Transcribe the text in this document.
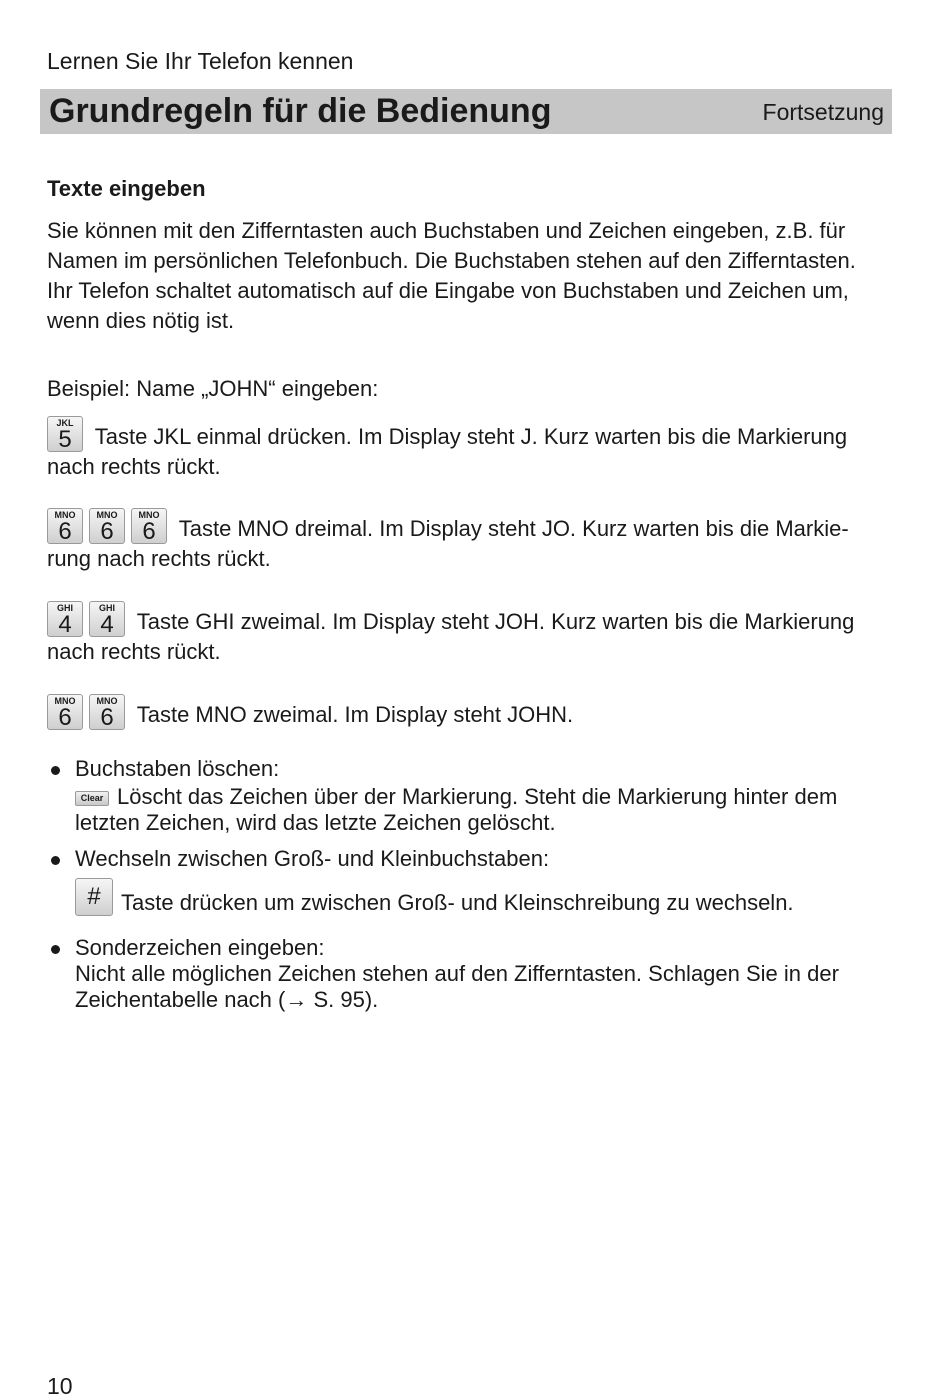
Lernen Sie Ihr Telefon kennen
Grundregeln für die Bedienung	Fortsetzung
Texte eingeben
Sie können mit den Zifferntasten auch Buchstaben und Zeichen eingeben, z.B. für Namen im persönlichen Telefonbuch. Die Buchstaben stehen auf den Zifferntasten. Ihr Telefon schaltet automatisch auf die Eingabe von Buchstaben und Zeichen um, wenn dies nötig ist.
Beispiel: Name „JOHN“ eingeben:
JKL
5	Taste JKL einmal drücken. Im Display steht J. Kurz warten bis die Markierung nach rechts rückt.
MNO
6
MNO
6
MNO
6	Taste MNO dreimal. Im Display steht JO. Kurz warten bis die Markie-rung nach rechts rückt.
GHI
4
GHI
4	Taste GHI zweimal. Im Display steht JOH. Kurz warten bis die Markierung nach rechts rückt.
MNO
6
MNO
6	Taste MNO zweimal. Im Display steht JOHN.
Buchstaben löschen:
Clear Löscht das Zeichen über der Markierung. Steht die Markierung hinter dem letzten Zeichen, wird das letzte Zeichen gelöscht.
Wechseln zwischen Groß- und Kleinbuchstaben:
# Taste drücken um zwischen Groß- und Kleinschreibung zu wechseln.
Sonderzeichen eingeben:
Nicht alle möglichen Zeichen stehen auf den Zifferntasten. Schlagen Sie in der Zeichentabelle nach (→ S. 95).
10
